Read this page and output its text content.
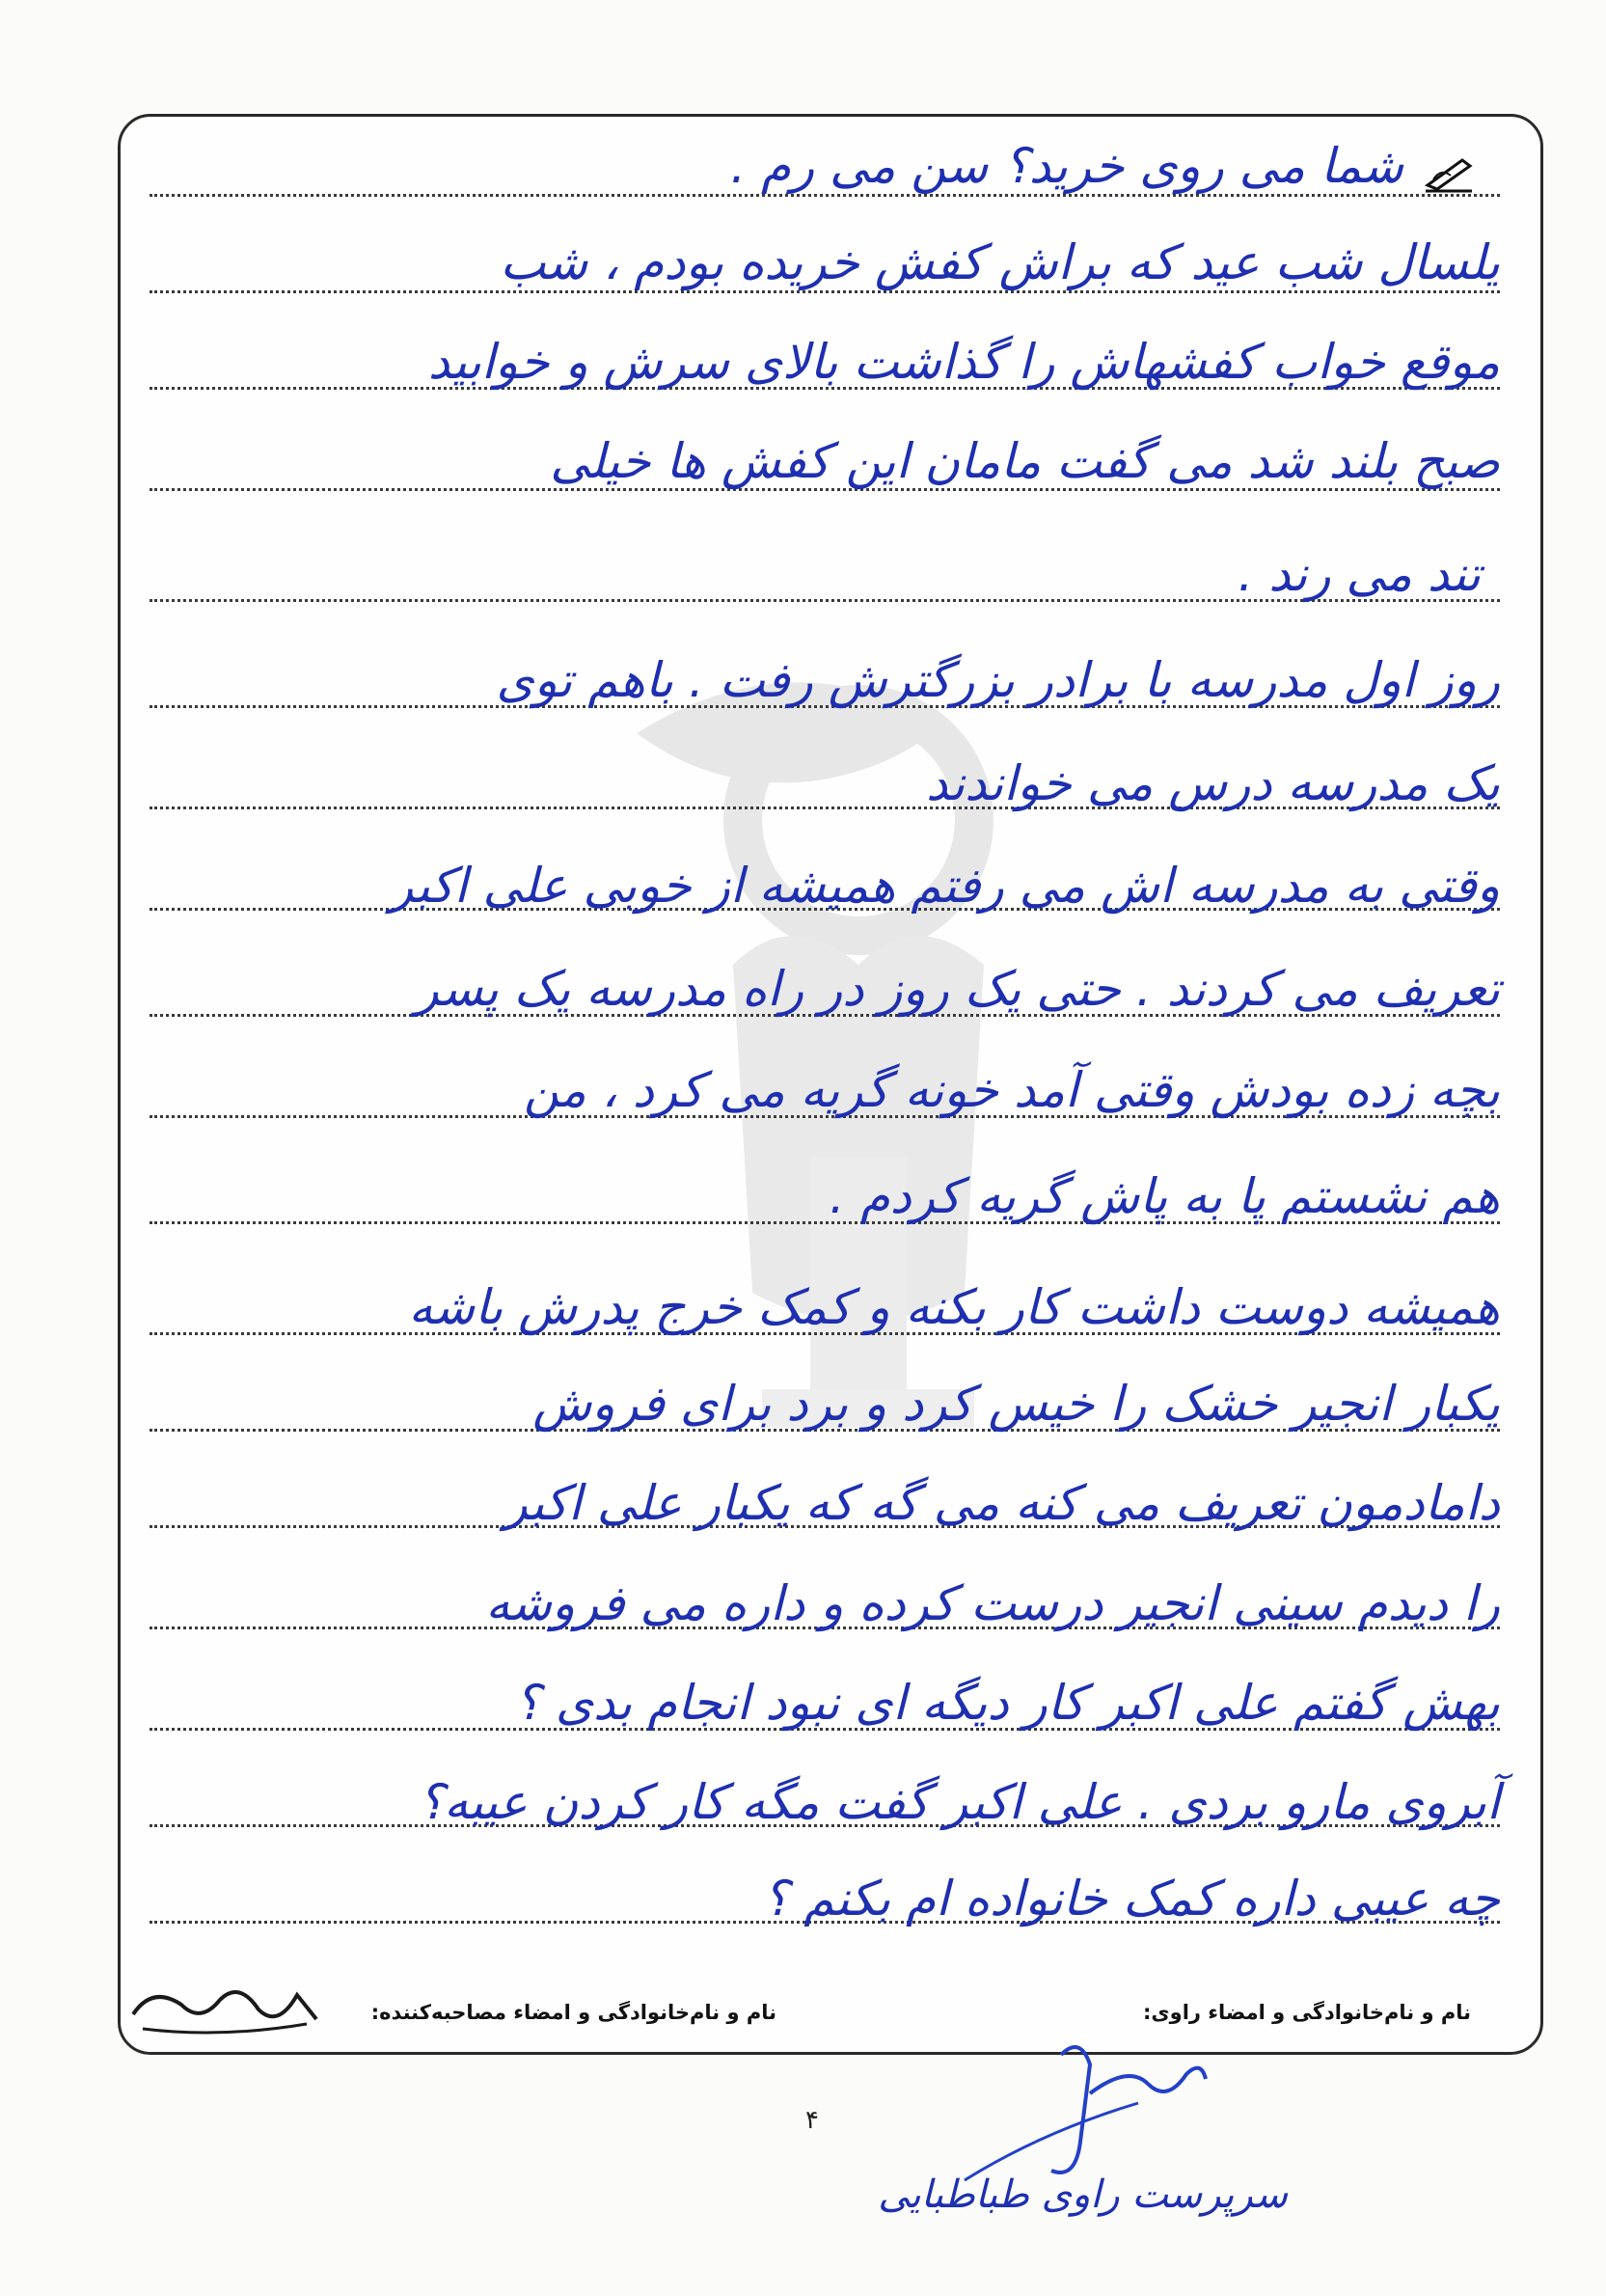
شما می روی خرید؟ سن می رم .
یلسال شب عید که براش کفش خریده بودم ، شب
موقع خواب کفشهاش را گذاشت بالای سرش و خوابید
صبح بلند شد می گفت مامان این کفش ها خیلی
تند می رند .
روز اول مدرسه با برادر بزرگترش رفت . باهم توی
یک مدرسه درس می خواندند
وقتی به مدرسه اش می رفتم همیشه از خوبی علی اکبر
تعریف می کردند . حتی یک روز در راه مدرسه یک پسر
بچه زده بودش وقتی آمد خونه گریه می کرد ، من
هم نشستم پا به پاش گریه کردم .
همیشه دوست داشت کار بکنه و کمک خرج پدرش باشه
یکبار انجیر خشک را خیس کرد و برد برای فروش
دامادمون تعریف می کنه می گه که یکبار علی اکبر
را دیدم سینی انجیر درست کرده و داره می فروشه
بهش گفتم علی اکبر کار دیگه ای نبود انجام بدی ؟
آبروی مارو بردی . علی اکبر گفت مگه کار کردن عیبه؟
چه عیبی داره کمک خانواده ام بکنم ؟
نام و نام‌خانوادگی و امضاء راوی:
نام و نام‌خانوادگی و امضاء مصاحبه‌کننده:
۴
سرپرست راوی طباطبایی
